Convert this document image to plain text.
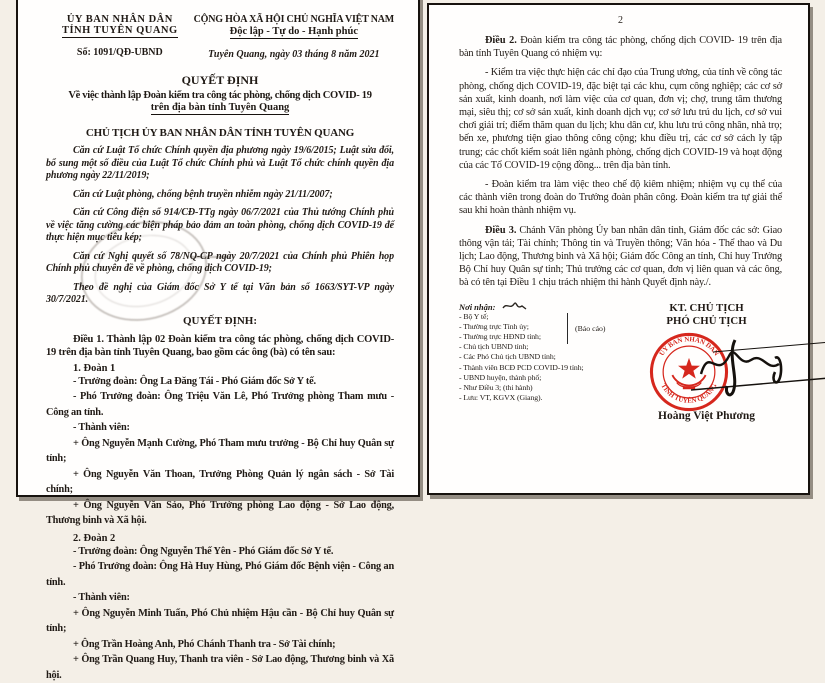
ỦY BAN NHÂN DÂN
TỈNH TUYÊN QUANG
Số: 1091/QĐ-UBND
CỘNG HÒA XÃ HỘI CHỦ NGHĨA VIỆT NAM
Độc lập - Tự do - Hạnh phúc
Tuyên Quang, ngày 03 tháng 8 năm 2021
QUYẾT ĐỊNH
Về việc thành lập Đoàn kiểm tra công tác phòng, chống dịch COVID- 19
trên địa bàn tỉnh Tuyên Quang
CHỦ TỊCH ỦY BAN NHÂN DÂN TỈNH TUYÊN QUANG
Căn cứ Luật Tổ chức Chính quyền địa phương ngày 19/6/2015; Luật sửa đổi, bổ sung một số điều của Luật Tổ chức Chính phủ và Luật Tổ chức chính quyền địa phương ngày 22/11/2019;
Căn cứ Luật phòng, chống bệnh truyền nhiễm ngày 21/11/2007;
Căn cứ Công điện số 914/CĐ-TTg ngày 06/7/2021 của Thủ tướng Chính phủ về việc tăng cường các biện pháp bảo đảm an toàn phòng, chống dịch COVID-19 để thực hiện mục tiêu kép;
Căn cứ Nghị quyết số 78/NQ-CP ngày 20/7/2021 của Chính phủ Phiên họp Chính phủ chuyên đề về phòng, chống dịch COVID-19;
Theo đề nghị của Giám đốc Sở Y tế tại Văn bản số 1663/SYT-VP ngày 30/7/2021.
QUYẾT ĐỊNH:
Điều 1. Thành lập 02 Đoàn kiểm tra công tác phòng, chống dịch COVID-19 trên địa bàn tỉnh Tuyên Quang, bao gồm các ông (bà) có tên sau:
1. Đoàn 1
- Trưởng đoàn: Ông La Đăng Tái - Phó Giám đốc Sở Y tế.
- Phó Trưởng đoàn: Ông Triệu Văn Lê, Phó Trưởng phòng Tham mưu - Công an tỉnh.
- Thành viên:
+ Ông Nguyễn Mạnh Cường, Phó Tham mưu trưởng - Bộ Chỉ huy Quân sự tỉnh;
+ Ông Nguyễn Văn Thoan, Trưởng Phòng Quản lý ngân sách - Sở Tài chính;
+ Ông Nguyễn Văn Sảo, Phó Trưởng phòng Lao động - Sở Lao động, Thương binh và Xã hội.
2. Đoàn 2
- Trưởng đoàn: Ông Nguyễn Thế Yên - Phó Giám đốc Sở Y tế.
- Phó Trưởng đoàn: Ông Hà Huy Hùng, Phó Giám đốc Bệnh viện - Công an tỉnh.
- Thành viên:
+ Ông Nguyễn Minh Tuấn, Phó Chủ nhiệm Hậu cần - Bộ Chỉ huy Quân sự tỉnh;
+ Ông Trần Hoàng Anh, Phó Chánh Thanh tra - Sở Tài chính;
+ Ông Trần Quang Huy, Thanh tra viên - Sở Lao động, Thương binh và Xã hội.
2
Điều 2. Đoàn kiểm tra công tác phòng, chống dịch COVID- 19 trên địa bàn tỉnh Tuyên Quang có nhiệm vụ:
- Kiểm tra việc thực hiện các chỉ đạo của Trung ương, của tỉnh về công tác phòng, chống dịch COVID-19, đặc biệt tại các khu, cụm công nghiệp; các cơ sở sản xuất, kinh doanh, nơi làm việc của cơ quan, đơn vị; chợ, trung tâm thương mại, siêu thị; cơ sở sản xuất, kinh doanh dịch vụ; cơ sở lưu trú du lịch, cơ sở vui chơi giải trí; điểm thăm quan du lịch; khu dân cư, khu lưu trú công nhân, nhà trọ; bến xe, phương tiện giao thông công cộng; khu điều trị, các cơ sở cách ly tập trung; các chốt kiểm soát liên ngành phòng, chống dịch COVID-19 và hoạt động của các Tổ COVID-19 cộng đồng... trên địa bàn tỉnh.
- Đoàn kiểm tra làm việc theo chế độ kiêm nhiệm; nhiệm vụ cụ thể của các thành viên trong đoàn do Trưởng đoàn phân công. Đoàn kiểm tra tự giải thể sau khi hoàn thành nhiệm vụ.
Điều 3. Chánh Văn phòng Ủy ban nhân dân tỉnh, Giám đốc các sở: Giao thông vận tải; Tài chính; Thông tin và Truyền thông; Văn hóa - Thể thao và Du lịch; Lao động, Thương binh và Xã hội; Giám đốc Công an tỉnh, Chỉ huy Trưởng Bộ Chỉ huy Quân sự tỉnh; Thủ trưởng các cơ quan, đơn vị liên quan và các ông, bà có tên tại Điều 1 chịu trách nhiệm thi hành Quyết định này./.
Nơi nhận:
- Bộ Y tế;
- Thường trực Tỉnh ủy;
- Thường trực HĐND tỉnh;
- Chủ tịch UBND tỉnh;
- Các Phó Chủ tịch UBND tỉnh;
- Thành viên BCĐ PCD COVID-19 tỉnh;
- UBND huyện, thành phố;
- Như Điều 3; (thi hành)
- Lưu: VT, KGVX (Giang).
(Báo cáo)
KT. CHỦ TỊCH
PHÓ CHỦ TỊCH
ỦY BAN NHÂN DÂN
TỈNH TUYÊN QUANG
Hoàng Việt Phương
